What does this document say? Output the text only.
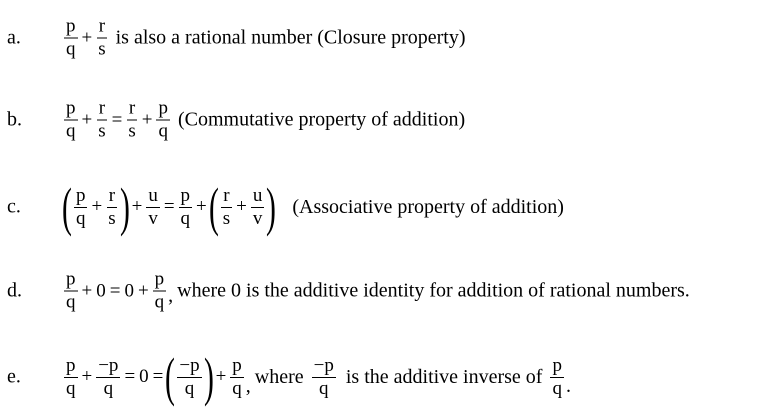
a. $\frac{p}{q} + \frac{r}{s}$ is also a rational number (Closure property)
b. $\frac{p}{q} + \frac{r}{s} = \frac{r}{s} + \frac{p}{q}$ (Commutative property of addition)
c. ( $\frac{p}{q} + \frac{r}{s}$ ) + $\frac{u}{v} = \frac{p}{q}$ + ( $\frac{r}{s} + \frac{u}{v}$ ) (Associative property of addition)
d. $\frac{p}{q} + 0 = 0 + \frac{p}{q}$ , where 0 is the additive identity for addition of rational numbers.
e. $\frac{p}{q} + \frac{-p}{q} = 0$ = ( $\frac{-p}{q}$ ) + $\frac{p}{q}$ , where $\frac{-p}{q}$ is the additive inverse of $\frac{p}{q}$ .
